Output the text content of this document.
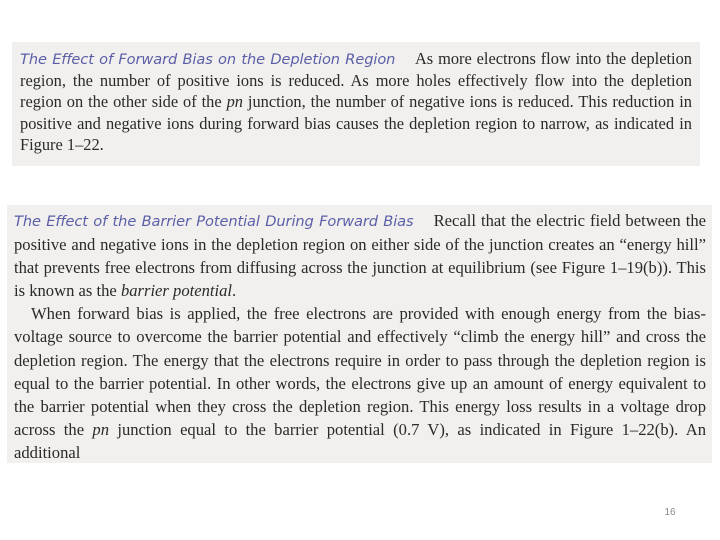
The Effect of Forward Bias on the Depletion Region As more electrons flow into the depletion region, the number of positive ions is reduced. As more holes effectively flow into the depletion region on the other side of the pn junction, the number of negative ions is reduced. This reduction in positive and negative ions during forward bias causes the depletion region to narrow, as indicated in Figure 1–22.

The Effect of the Barrier Potential During Forward Bias Recall that the electric field between the positive and negative ions in the depletion region on either side of the junction creates an “energy hill” that prevents free electrons from diffusing across the junction at equilibrium (see Figure 1–19(b)). This is known as the barrier potential.

When forward bias is applied, the free electrons are provided with enough energy from the bias-voltage source to overcome the barrier potential and effectively “climb the energy hill” and cross the depletion region. The energy that the electrons require in order to pass through the depletion region is equal to the barrier potential. In other words, the electrons give up an amount of energy equivalent to the barrier potential when they cross the depletion region. This energy loss results in a voltage drop across the pn junction equal to the barrier potential (0.7 V), as indicated in Figure 1–22(b). An additional

16
